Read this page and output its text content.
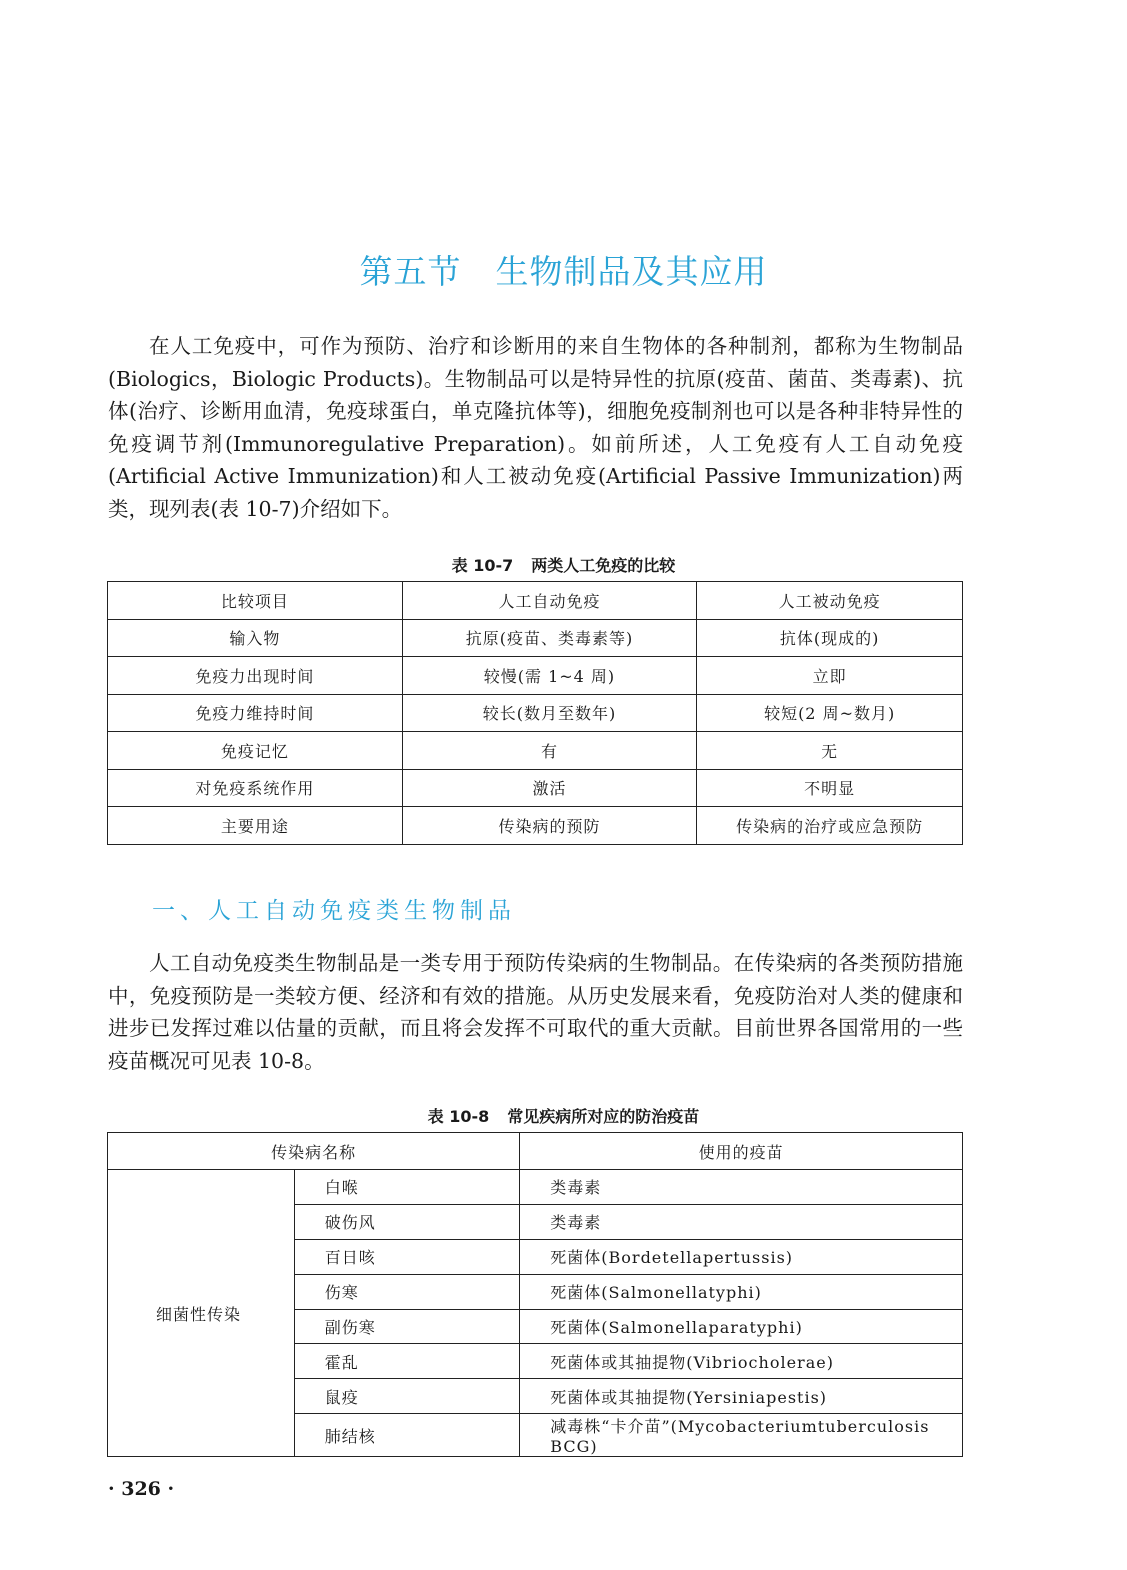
第五节 生物制品及其应用

在人工免疫中，可作为预防、治疗和诊断用的来自生物体的各种制剂，都称为生物制品(Biologics，Biologic Products)。生物制品可以是特异性的抗原(疫苗、菌苗、类毒素)、抗体(治疗、诊断用血清，免疫球蛋白，单克隆抗体等)，细胞免疫制剂也可以是各种非特异性的免疫调节剂(Immunoregulative Preparation)。如前所述，人工免疫有人工自动免疫(Artificial Active Immunization)和人工被动免疫(Artificial Passive Immunization)两类，现列表(表 10-7)介绍如下。

表 10-7 两类人工免疫的比较
比较项目	人工自动免疫	人工被动免疫
输入物	抗原(疫苗、类毒素等)	抗体(现成的)
免疫力出现时间	较慢(需 1~4 周)	立即
免疫力维持时间	较长(数月至数年)	较短(2 周~数月)
免疫记忆	有	无
对免疫系统作用	激活	不明显
主要用途	传染病的预防	传染病的治疗或应急预防
一、人工自动免疫类生物制品

人工自动免疫类生物制品是一类专用于预防传染病的生物制品。在传染病的各类预防措施中，免疫预防是一类较方便、经济和有效的措施。从历史发展来看，免疫防治对人类的健康和进步已发挥过难以估量的贡献，而且将会发挥不可取代的重大贡献。目前世界各国常用的一些疫苗概况可见表 10-8。

表 10-8 常见疾病所对应的防治疫苗
传染病名称		使用的疫苗
细菌性传染	白喉	类毒素
	破伤风	类毒素
	百日咳	死菌体(Bordetellapertussis)
	伤寒	死菌体(Salmonellatyphi)
	副伤寒	死菌体(Salmonellaparatyphi)
	霍乱	死菌体或其抽提物(Vibriocholerae)
	鼠疫	死菌体或其抽提物(Yersiniapestis)
	肺结核	减毒株“卡介苗”(Mycobacteriumtuberculosis BCG)
· 326 ·
